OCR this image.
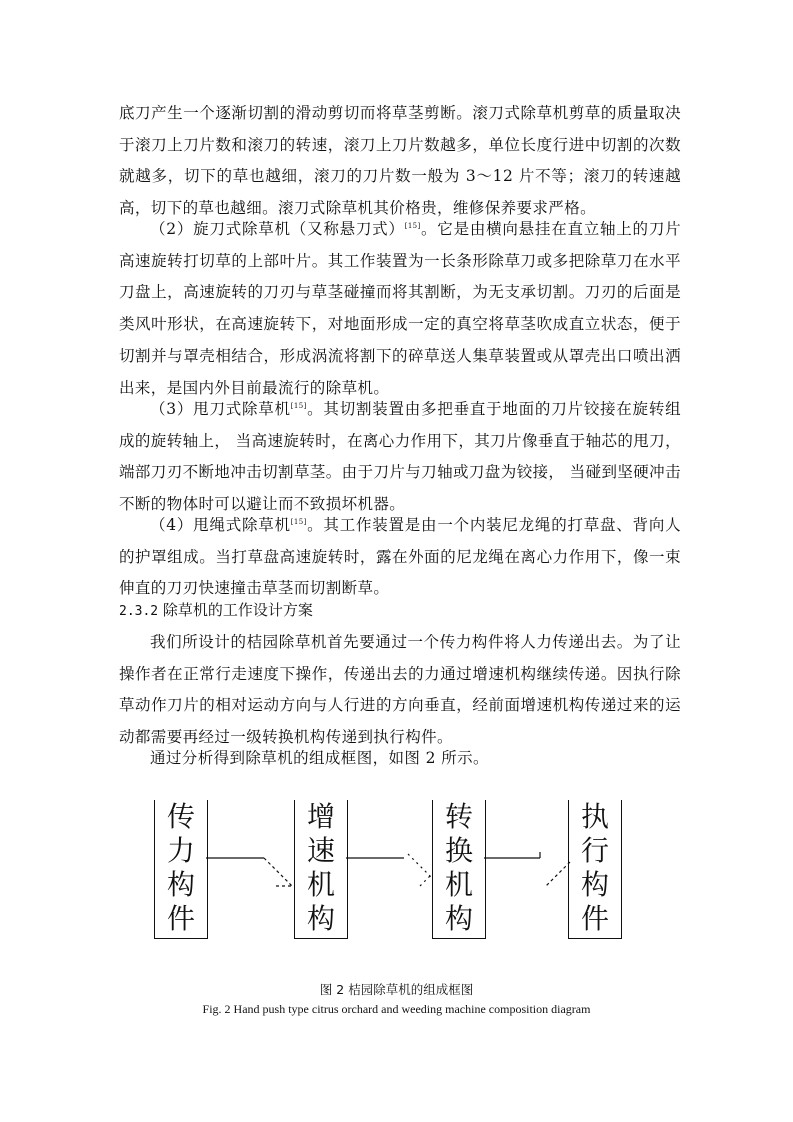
底刀产生一个逐渐切割的滑动剪切而将草茎剪断。滚刀式除草机剪草的质量取决于滚刀上刀片数和滚刀的转速，滚刀上刀片数越多，单位长度行进中切割的次数就越多，切下的草也越细，滚刀的刀片数一般为 3～12 片不等；滚刀的转速越高，切下的草也越细。滚刀式除草机其价格贵，维修保养要求严格。

（2）旋刀式除草机（又称悬刀式）[15]。它是由横向悬挂在直立轴上的刀片高速旋转打切草的上部叶片。其工作装置为一长条形除草刀或多把除草刀在水平刀盘上，高速旋转的刀刃与草茎碰撞而将其割断，为无支承切割。刀刃的后面是类风叶形状，在高速旋转下，对地面形成一定的真空将草茎吹成直立状态，便于切割并与罩壳相结合，形成涡流将割下的碎草送人集草装置或从罩壳出口喷出洒出来，是国内外目前最流行的除草机。

（3）甩刀式除草机[15]。其切割装置由多把垂直于地面的刀片铰接在旋转组成的旋转轴上， 当高速旋转时，在离心力作用下，其刀片像垂直于轴芯的甩刀，端部刀刃不断地冲击切割草茎。由于刀片与刀轴或刀盘为铰接， 当碰到坚硬冲击不断的物体时可以避让而不致损坏机器。

（4）甩绳式除草机[15]。其工作装置是由一个内装尼龙绳的打草盘、背向人的护罩组成。当打草盘高速旋转时，露在外面的尼龙绳在离心力作用下，像一束伸直的刀刃快速撞击草茎而切割断草。

2.3.2 除草机的工作设计方案

我们所设计的桔园除草机首先要通过一个传力构件将人力传递出去。为了让操作者在正常行走速度下操作，传递出去的力通过增速机构继续传递。因执行除草动作刀片的相对运动方向与人行进的方向垂直，经前面增速机构传递过来的运动都需要再经过一级转换机构传递到执行构件。

通过分析得到除草机的组成框图，如图 2 所示。

传
力
构
件
增
速
机
构
转
换
机
构
执
行
构
件

图 2 桔园除草机的组成框图

Fig. 2 Hand push type citrus orchard and weeding machine composition diagram
